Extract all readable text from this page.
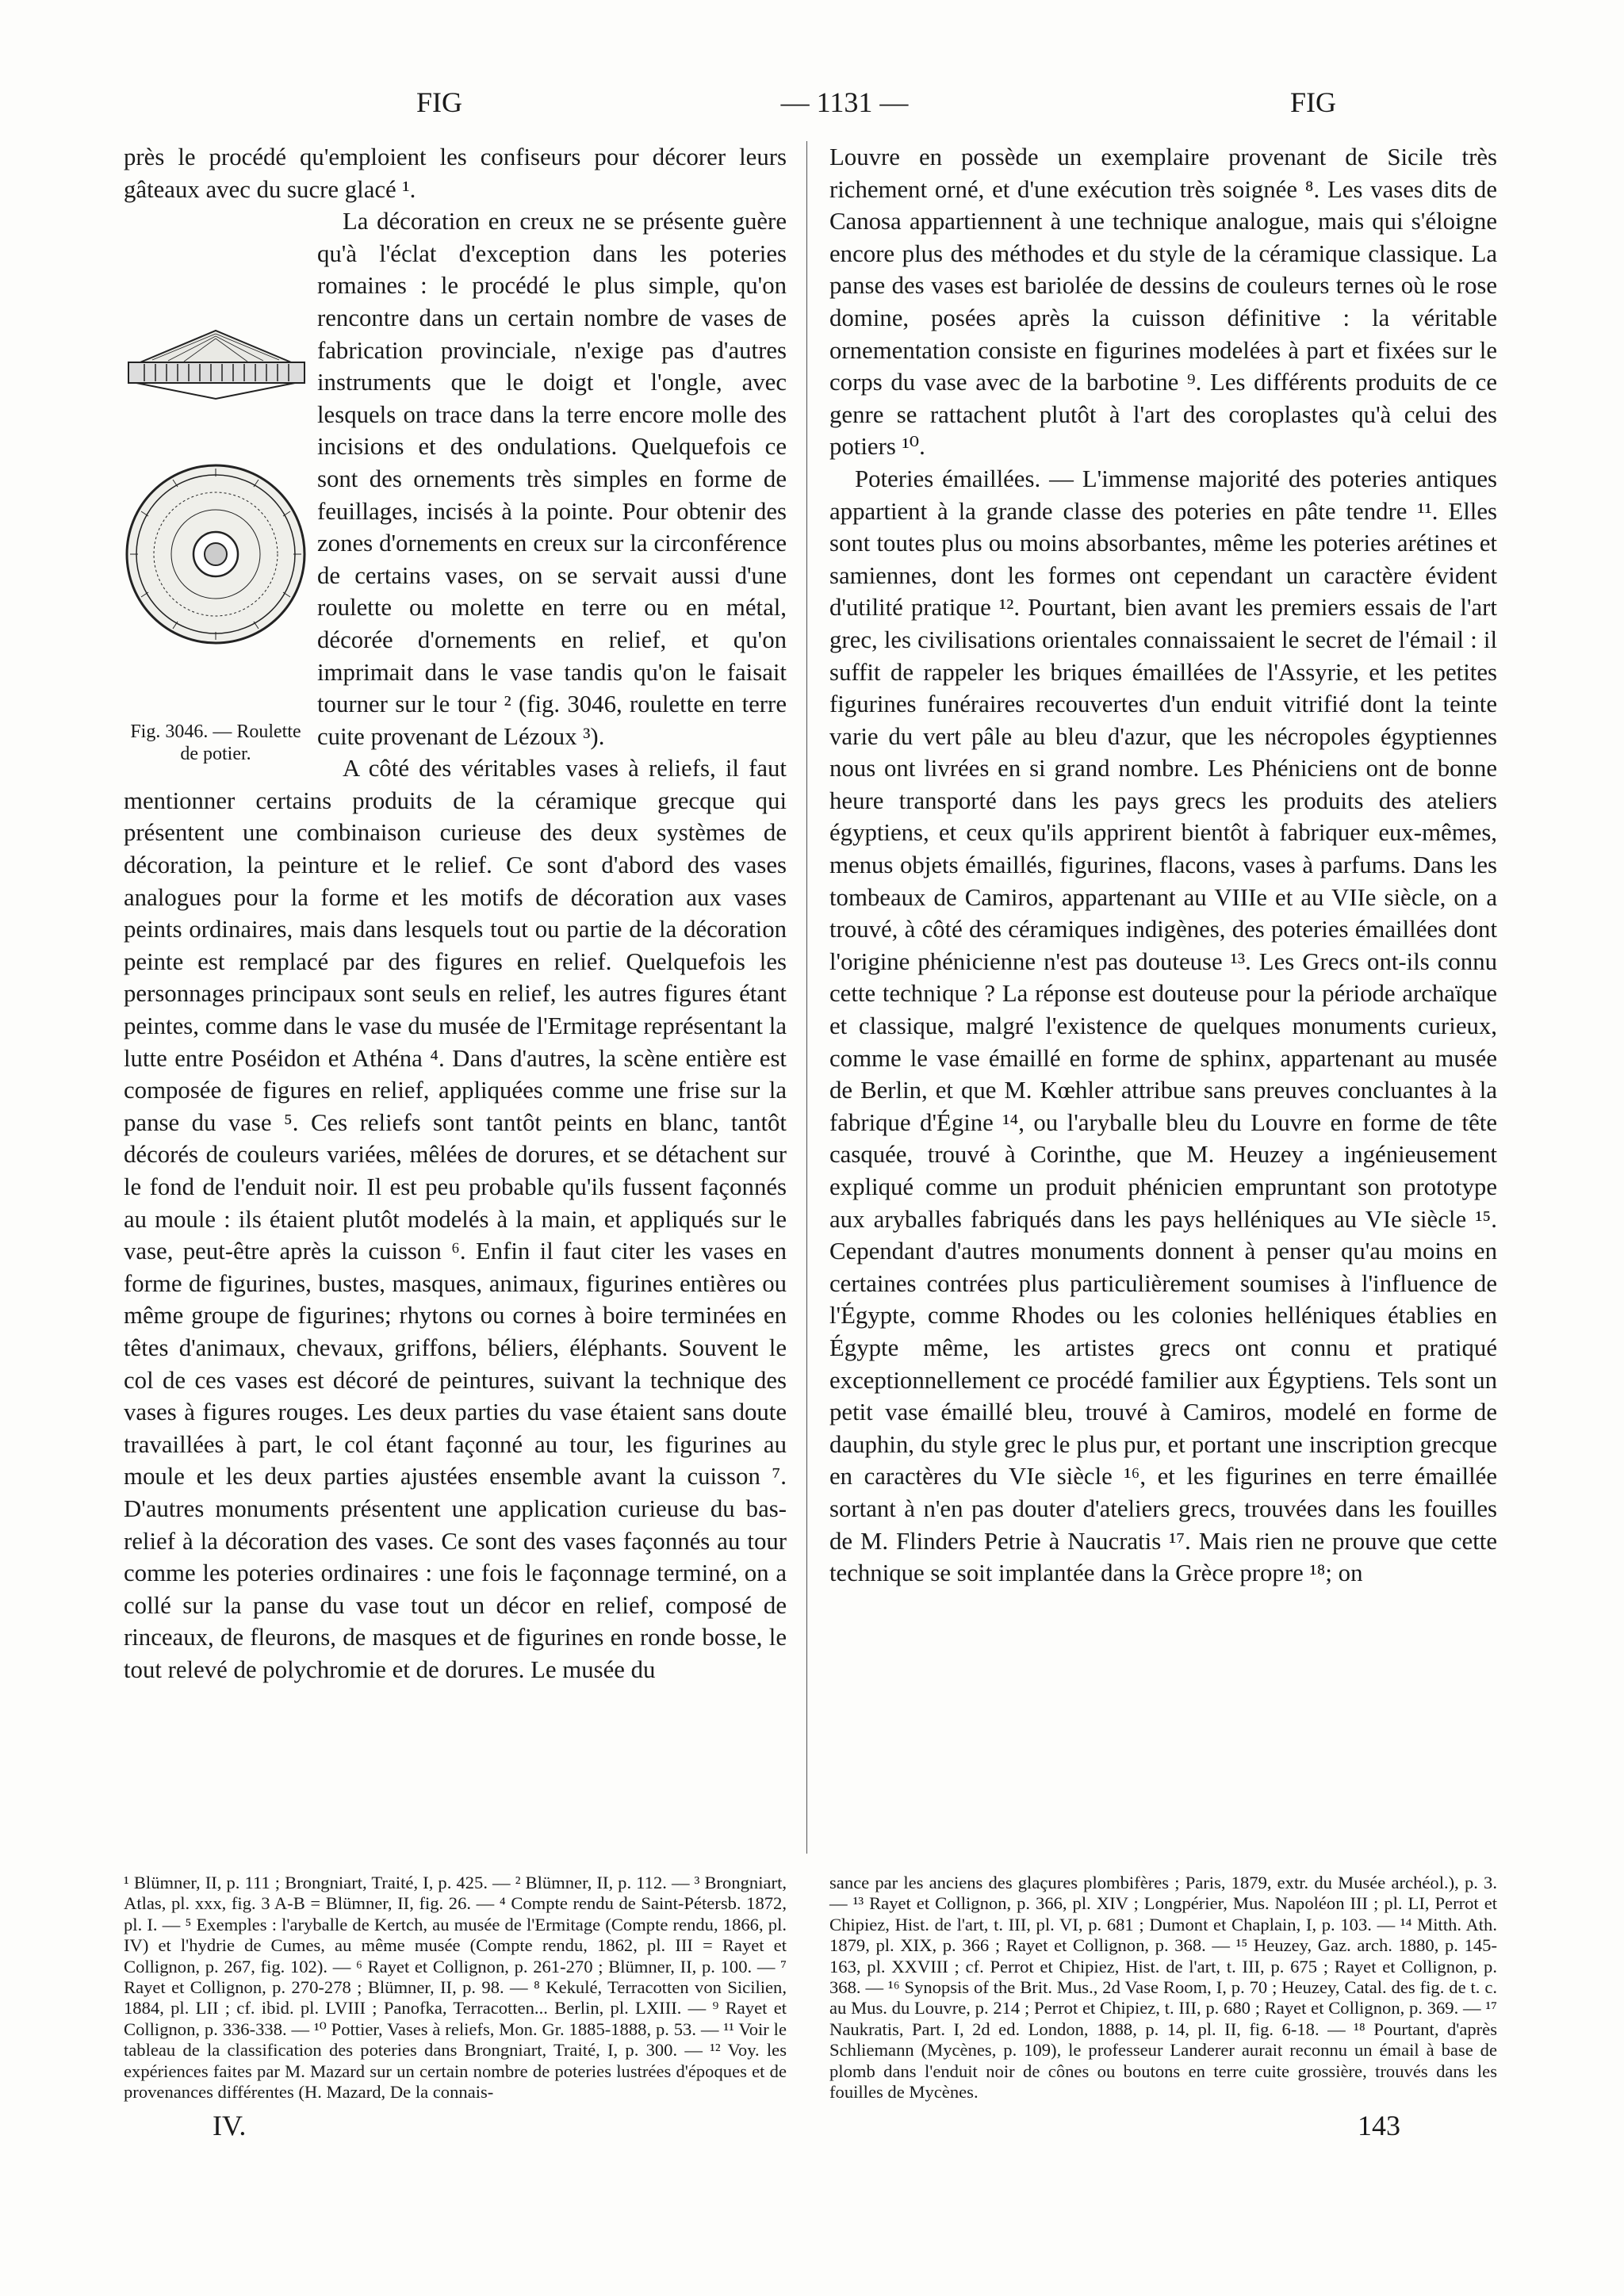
FIG	— 1131 —	FIG

près le procédé qu'emploient les confiseurs pour décorer leurs gâteaux avec du sucre glacé ¹.

Fig. 3046. — Roulette de potier.

La décoration en creux ne se présente guère qu'à l'éclat d'exception dans les poteries romaines : le procédé le plus simple, qu'on rencontre dans un certain nombre de vases de fabrication provinciale, n'exige pas d'autres instruments que le doigt et l'ongle, avec lesquels on trace dans la terre encore molle des incisions et des ondulations. Quelquefois ce sont des ornements très simples en forme de feuillages, incisés à la pointe. Pour obtenir des zones d'ornements en creux sur la circonférence de certains vases, on se servait aussi d'une roulette ou molette en terre ou en métal, décorée d'ornements en relief, et qu'on imprimait dans le vase tandis qu'on le faisait tourner sur le tour ² (fig. 3046, roulette en terre cuite provenant de Lézoux ³).

A côté des véritables vases à reliefs, il faut mentionner certains produits de la céramique grecque qui présentent une combinaison curieuse des deux systèmes de décoration, la peinture et le relief. Ce sont d'abord des vases analogues pour la forme et les motifs de décoration aux vases peints ordinaires, mais dans lesquels tout ou partie de la décoration peinte est remplacé par des figures en relief. Quelquefois les personnages principaux sont seuls en relief, les autres figures étant peintes, comme dans le vase du musée de l'Ermitage représentant la lutte entre Poséidon et Athéna ⁴. Dans d'autres, la scène entière est composée de figures en relief, appliquées comme une frise sur la panse du vase ⁵. Ces reliefs sont tantôt peints en blanc, tantôt décorés de couleurs variées, mêlées de dorures, et se détachent sur le fond de l'enduit noir. Il est peu probable qu'ils fussent façonnés au moule : ils étaient plutôt modelés à la main, et appliqués sur le vase, peut-être après la cuisson ⁶. Enfin il faut citer les vases en forme de figurines, bustes, masques, animaux, figurines entières ou même groupe de figurines; rhytons ou cornes à boire terminées en têtes d'animaux, chevaux, griffons, béliers, éléphants. Souvent le col de ces vases est décoré de peintures, suivant la technique des vases à figures rouges. Les deux parties du vase étaient sans doute travaillées à part, le col étant façonné au tour, les figurines au moule et les deux parties ajustées ensemble avant la cuisson ⁷. D'autres monuments présentent une application curieuse du bas-relief à la décoration des vases. Ce sont des vases façonnés au tour comme les poteries ordinaires : une fois le façonnage terminé, on a collé sur la panse du vase tout un décor en relief, composé de rinceaux, de fleurons, de masques et de figurines en ronde bosse, le tout relevé de polychromie et de dorures. Le musée du

Louvre en possède un exemplaire provenant de Sicile très richement orné, et d'une exécution très soignée ⁸. Les vases dits de Canosa appartiennent à une technique analogue, mais qui s'éloigne encore plus des méthodes et du style de la céramique classique. La panse des vases est bariolée de dessins de couleurs ternes où le rose domine, posées après la cuisson définitive : la véritable ornementation consiste en figurines modelées à part et fixées sur le corps du vase avec de la barbotine ⁹. Les différents produits de ce genre se rattachent plutôt à l'art des coroplastes qu'à celui des potiers ¹⁰.

Poteries émaillées. — L'immense majorité des poteries antiques appartient à la grande classe des poteries en pâte tendre ¹¹. Elles sont toutes plus ou moins absorbantes, même les poteries arétines et samiennes, dont les formes ont cependant un caractère évident d'utilité pratique ¹². Pourtant, bien avant les premiers essais de l'art grec, les civilisations orientales connaissaient le secret de l'émail : il suffit de rappeler les briques émaillées de l'Assyrie, et les petites figurines funéraires recouvertes d'un enduit vitrifié dont la teinte varie du vert pâle au bleu d'azur, que les nécropoles égyptiennes nous ont livrées en si grand nombre. Les Phéniciens ont de bonne heure transporté dans les pays grecs les produits des ateliers égyptiens, et ceux qu'ils apprirent bientôt à fabriquer eux-mêmes, menus objets émaillés, figurines, flacons, vases à parfums. Dans les tombeaux de Camiros, appartenant au VIIIe et au VIIe siècle, on a trouvé, à côté des céramiques indigènes, des poteries émaillées dont l'origine phénicienne n'est pas douteuse ¹³. Les Grecs ont-ils connu cette technique ? La réponse est douteuse pour la période archaïque et classique, malgré l'existence de quelques monuments curieux, comme le vase émaillé en forme de sphinx, appartenant au musée de Berlin, et que M. Kœhler attribue sans preuves concluantes à la fabrique d'Égine ¹⁴, ou l'aryballe bleu du Louvre en forme de tête casquée, trouvé à Corinthe, que M. Heuzey a ingénieusement expliqué comme un produit phénicien empruntant son prototype aux aryballes fabriqués dans les pays helléniques au VIe siècle ¹⁵. Cependant d'autres monuments donnent à penser qu'au moins en certaines contrées plus particulièrement soumises à l'influence de l'Égypte, comme Rhodes ou les colonies helléniques établies en Égypte même, les artistes grecs ont connu et pratiqué exceptionnellement ce procédé familier aux Égyptiens. Tels sont un petit vase émaillé bleu, trouvé à Camiros, modelé en forme de dauphin, du style grec le plus pur, et portant une inscription grecque en caractères du VIe siècle ¹⁶, et les figurines en terre émaillée sortant à n'en pas douter d'ateliers grecs, trouvées dans les fouilles de M. Flinders Petrie à Naucratis ¹⁷. Mais rien ne prouve que cette technique se soit implantée dans la Grèce propre ¹⁸; on

¹ Blümner, II, p. 111 ; Brongniart, Traité, I, p. 425. — ² Blümner, II, p. 112. — ³ Brongniart, Atlas, pl. xxx, fig. 3 A-B = Blümner, II, fig. 26. — ⁴ Compte rendu de Saint-Pétersb. 1872, pl. I. — ⁵ Exemples : l'aryballe de Kertch, au musée de l'Ermitage (Compte rendu, 1866, pl. IV) et l'hydrie de Cumes, au même musée (Compte rendu, 1862, pl. III = Rayet et Collignon, p. 267, fig. 102). — ⁶ Rayet et Collignon, p. 261-270 ; Blümner, II, p. 100. — ⁷ Rayet et Collignon, p. 270-278 ; Blümner, II, p. 98. — ⁸ Kekulé, Terracotten von Sicilien, 1884, pl. LII ; cf. ibid. pl. LVIII ; Panofka, Terracotten... Berlin, pl. LXIII. — ⁹ Rayet et Collignon, p. 336-338. — ¹⁰ Pottier, Vases à reliefs, Mon. Gr. 1885-1888, p. 53. — ¹¹ Voir le tableau de la classification des poteries dans Brongniart, Traité, I, p. 300. — ¹² Voy. les expériences faites par M. Mazard sur un certain nombre de poteries lustrées d'époques et de provenances différentes (H. Mazard, De la connais-

sance par les anciens des glaçures plombifères ; Paris, 1879, extr. du Musée archéol.), p. 3. — ¹³ Rayet et Collignon, p. 366, pl. XIV ; Longpérier, Mus. Napoléon III ; pl. LI, Perrot et Chipiez, Hist. de l'art, t. III, pl. VI, p. 681 ; Dumont et Chaplain, I, p. 103. — ¹⁴ Mitth. Ath. 1879, pl. XIX, p. 366 ; Rayet et Collignon, p. 368. — ¹⁵ Heuzey, Gaz. arch. 1880, p. 145-163, pl. XXVIII ; cf. Perrot et Chipiez, Hist. de l'art, t. III, p. 675 ; Rayet et Collignon, p. 368. — ¹⁶ Synopsis of the Brit. Mus., 2d Vase Room, I, p. 70 ; Heuzey, Catal. des fig. de t. c. au Mus. du Louvre, p. 214 ; Perrot et Chipiez, t. III, p. 680 ; Rayet et Collignon, p. 369. — ¹⁷ Naukratis, Part. I, 2d ed. London, 1888, p. 14, pl. II, fig. 6-18. — ¹⁸ Pourtant, d'après Schliemann (Mycènes, p. 109), le professeur Landerer aurait reconnu un émail à base de plomb dans l'enduit noir de cônes ou boutons en terre cuite grossière, trouvés dans les fouilles de Mycènes.

IV.	143
